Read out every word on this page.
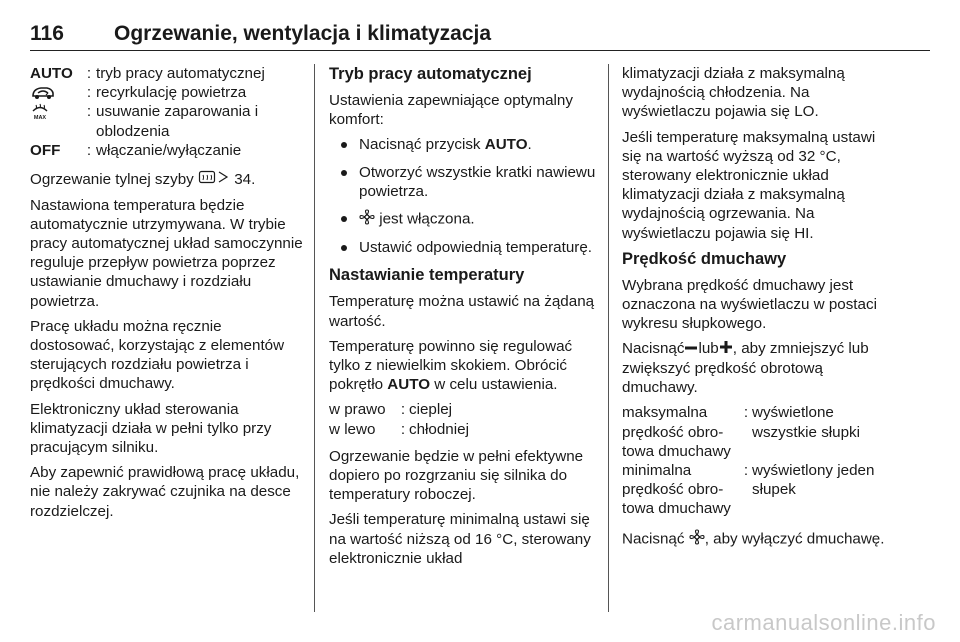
116 Ogrzewanie, wentylacja i klimatyzacja
AUTO : tryb pracy automatycznej
: recyrkulację powietrza
MAX	: usuwanie zaparowania i oblodzenia
OFF	: włączanie/wyłączanie

Ogrzewanie tylnej szyby  34.

Nastawiona temperatura będzie automatycznie utrzymywana. W trybie pracy automatycznej układ samoczynnie reguluje przepływ powietrza poprzez ustawianie dmuchawy i rozdziału powietrza.

Pracę układu można ręcznie dostosować, korzystając z elementów sterujących rozdziału powietrza i prędkości dmuchawy.

Elektroniczny układ sterowania klimatyzacji działa w pełni tylko przy pracującym silniku.

Aby zapewnić prawidłową pracę układu, nie należy zakrywać czujnika na desce rozdzielczej.

Tryb pracy automatycznej

Ustawienia zapewniające optymalny komfort:

Nacisnąć przycisk AUTO.
Otworzyć wszystkie kratki nawiewu powietrza.
jest włączona.
Ustawić odpowiednią temperaturę.
Nastawianie temperatury

Temperaturę można ustawić na żądaną wartość.

Temperaturę powinno się regulować tylko z niewielkim skokiem. Obrócić pokrętło AUTO w celu ustawienia.

w prawo	: cieplej
w lewo	: chłodniej

Ogrzewanie będzie w pełni efektywne dopiero po rozgrzaniu się silnika do temperatury roboczej.

Jeśli temperaturę minimalną ustawi się na wartość niższą od 16 °C, sterowany elektronicznie układ

klimatyzacji działa z maksymalną wydajnością chłodzenia. Na wyświetlaczu pojawia się LO.

Jeśli temperaturę maksymalną ustawi się na wartość wyższą od 32 °C, sterowany elektronicznie układ klimatyzacji działa z maksymalną wydajnością ogrzewania. Na wyświetlaczu pojawia się HI.

Prędkość dmuchawy

Wybrana prędkość dmuchawy jest oznaczona na wyświetlaczu w postaci wykresu słupkowego.

Nacisnąć lub , aby zmniejszyć lub zwiększyć prędkość obrotową dmuchawy.

maksymalna prędkość obro‐ towa dmuchawy
: wyświetlone wszystkie słupki
minimalna prędkość obro‐ towa dmuchawy
: wyświetlony jeden słupek

Nacisnąć , aby wyłączyć dmuchawę.

carmanualsonline.info
